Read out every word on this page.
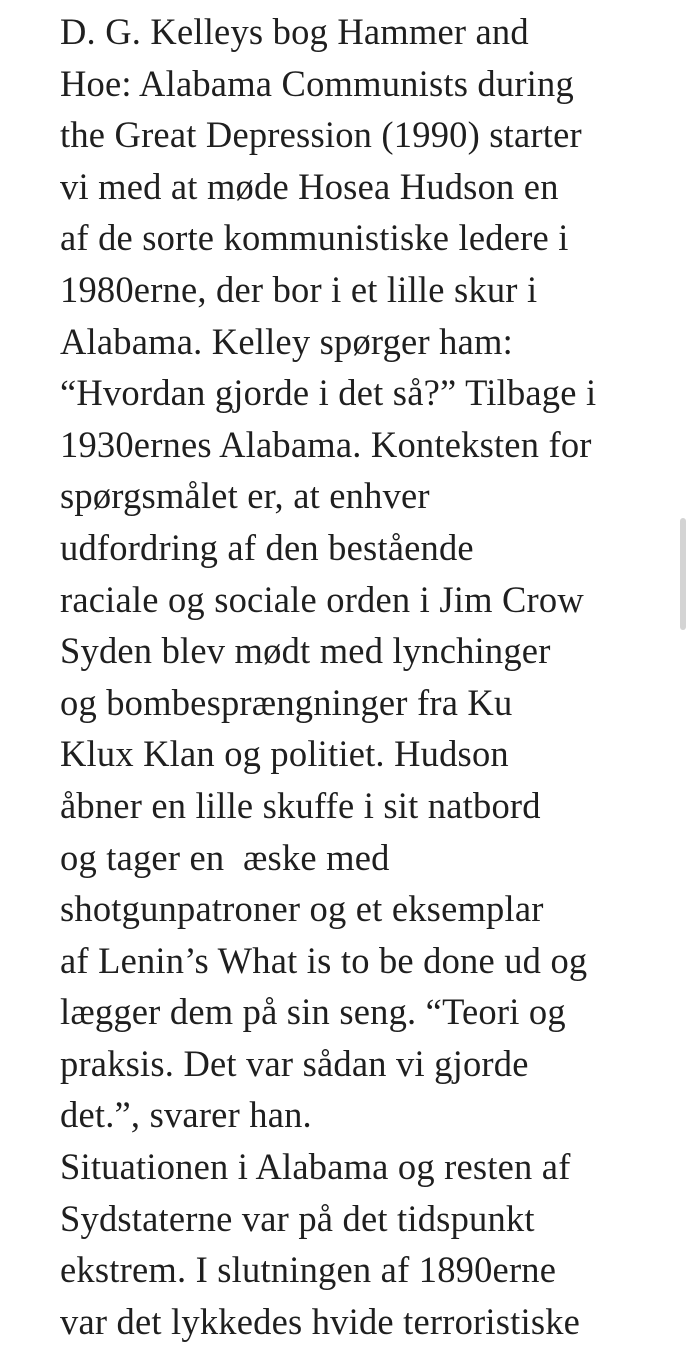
D. G. Kelleys bog Hammer and
Hoe: Alabama Communists during
the Great Depression (1990) starter
vi med at møde Hosea Hudson en
af de sorte kommunistiske ledere i
1980erne, der bor i et lille skur i
Alabama. Kelley spørger ham:
“Hvordan gjorde i det så?” Tilbage i
1930ernes Alabama. Konteksten for
spørgsmålet er, at enhver
udfordring af den bestående
raciale og sociale orden i Jim Crow
Syden blev mødt med lynchinger
og bombesprængninger fra Ku
Klux Klan og politiet. Hudson
åbner en lille skuffe i sit natbord
og tager en  æske med
shotgunpatroner og et eksemplar
af Lenin’s What is to be done ud og
lægger dem på sin seng. “Teori og
praksis. Det var sådan vi gjorde
det.”, svarer han.
Situationen i Alabama og resten af
Sydstaterne var på det tidspunkt
ekstrem. I slutningen af 1890erne
var det lykkedes hvide terroristiske
